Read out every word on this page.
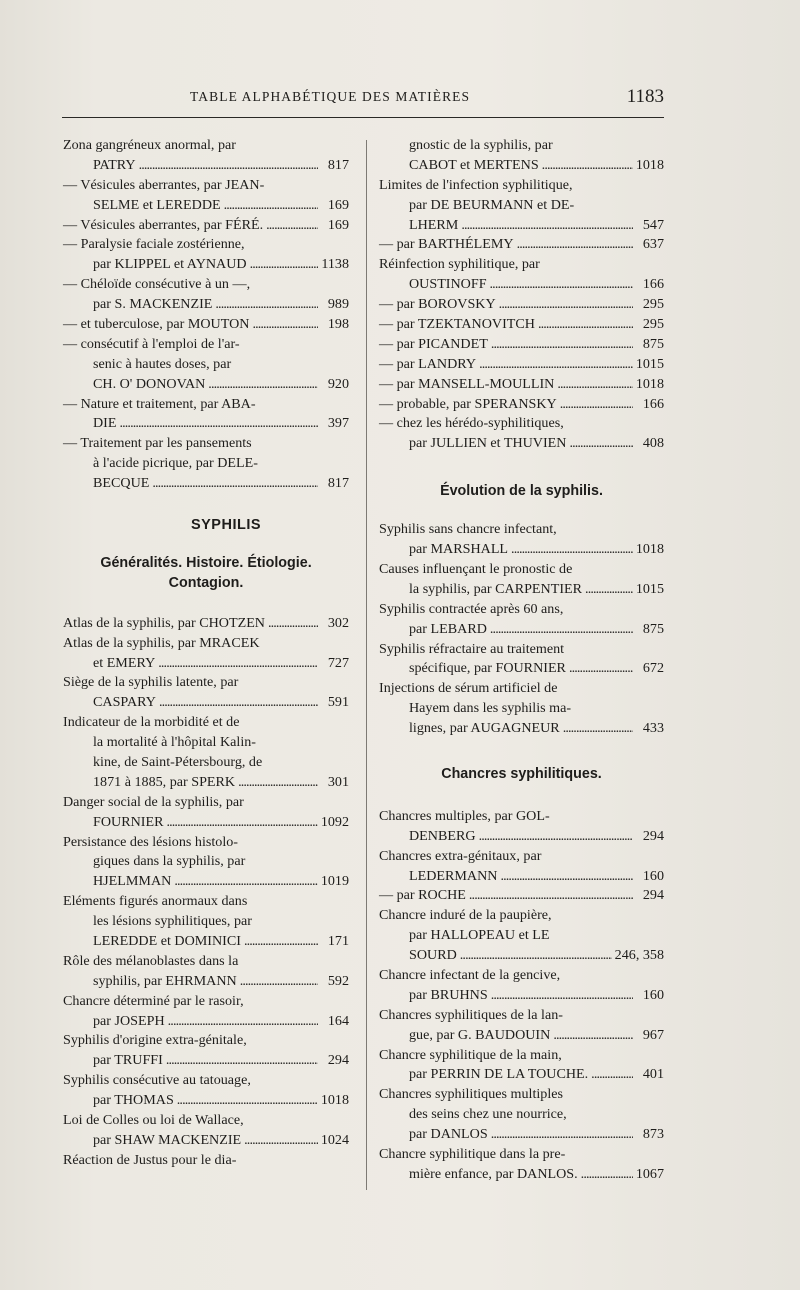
TABLE ALPHABÉTIQUE DES MATIÈRES	1183
Zona gangréneux anormal, par
PATRY . . .	817
— Vésicules aberrantes, par JEAN-
SELME et LEREDDE . . .	169
— Vésicules aberrantes, par FÉRÉ. . . .	169
— Paralysie faciale zostérienne,
par KLIPPEL et AYNAUD . . .	1138
— Chéloïde consécutive à un —,
par S. MACKENZIE . . .	989
— et tuberculose, par MOUTON . . .	198
— consécutif à l'emploi de l'ar-
senic à hautes doses, par
CH. O' DONOVAN . . .	920
— Nature et traitement, par ABA-
DIE . . .	397
— Traitement par les pansements
à l'acide picrique, par DELE-
BECQUE . . .	817
SYPHILIS
Généralités. Histoire. Étiologie.
Contagion.
Atlas de la syphilis, par CHOTZEN . . .	302
Atlas de la syphilis, par MRACEK
et EMERY . . .	727
Siège de la syphilis latente, par
CASPARY . . .	591
Indicateur de la morbidité et de
la mortalité à l'hôpital Kalin-
kine, de Saint-Pétersbourg, de
1871 à 1885, par SPERK . . .	301
Danger social de la syphilis, par
FOURNIER . . .	1092
Persistance des lésions histolo-
giques dans la syphilis, par
HJELMMAN . . .	1019
Eléments figurés anormaux dans
les lésions syphilitiques, par
LEREDDE et DOMINICI . . .	171
Rôle des mélanoblastes dans la
syphilis, par EHRMANN . . .	592
Chancre déterminé par le rasoir,
par JOSEPH . . .	164
Syphilis d'origine extra-génitale,
par TRUFFI . . .	294
Syphilis consécutive au tatouage,
par THOMAS . . .	1018
Loi de Colles ou loi de Wallace,
par SHAW MACKENZIE . . .	1024
Réaction de Justus pour le dia-
gnostic de la syphilis, par
CABOT et MERTENS . . .	1018
Limites de l'infection syphilitique,
par DE BEURMANN et DE-
LHERM . . .	547
— par BARTHÉLEMY . . .	637
Réinfection syphilitique, par
OUSTINOFF . . .	166
— par BOROVSKY . . .	295
— par TZEKTANOVITCH . . .	295
— par PICANDET . . .	875
— par LANDRY . . .	1015
— par MANSELL-MOULLIN . . .	1018
— probable, par SPERANSKY . . .	166
— chez les hérédo-syphilitiques,
par JULLIEN et THUVIEN . . .	408
Évolution de la syphilis.
Syphilis sans chancre infectant,
par MARSHALL . . .	1018
Causes influençant le pronostic de
la syphilis, par CARPENTIER . . .	1015
Syphilis contractée après 60 ans,
par LEBARD . . .	875
Syphilis réfractaire au traitement
spécifique, par FOURNIER . . .	672
Injections de sérum artificiel de
Hayem dans les syphilis ma-
lignes, par AUGAGNEUR . . .	433
Chancres syphilitiques.
Chancres multiples, par GOL-
DENBERG . . .	294
Chancres extra-génitaux, par
LEDERMANN . . .	160
— par ROCHE . . .	294
Chancre induré de la paupière,
par HALLOPEAU et LE
SOURD . . .	246, 358
Chancre infectant de la gencive,
par BRUHNS . . .	160
Chancres syphilitiques de la lan-
gue, par G. BAUDOUIN . . .	967
Chancre syphilitique de la main,
par PERRIN DE LA TOUCHE. . . .	401
Chancres syphilitiques multiples
des seins chez une nourrice,
par DANLOS . . .	873
Chancre syphilitique dans la pre-
mière enfance, par DANLOS. . . .	1067
